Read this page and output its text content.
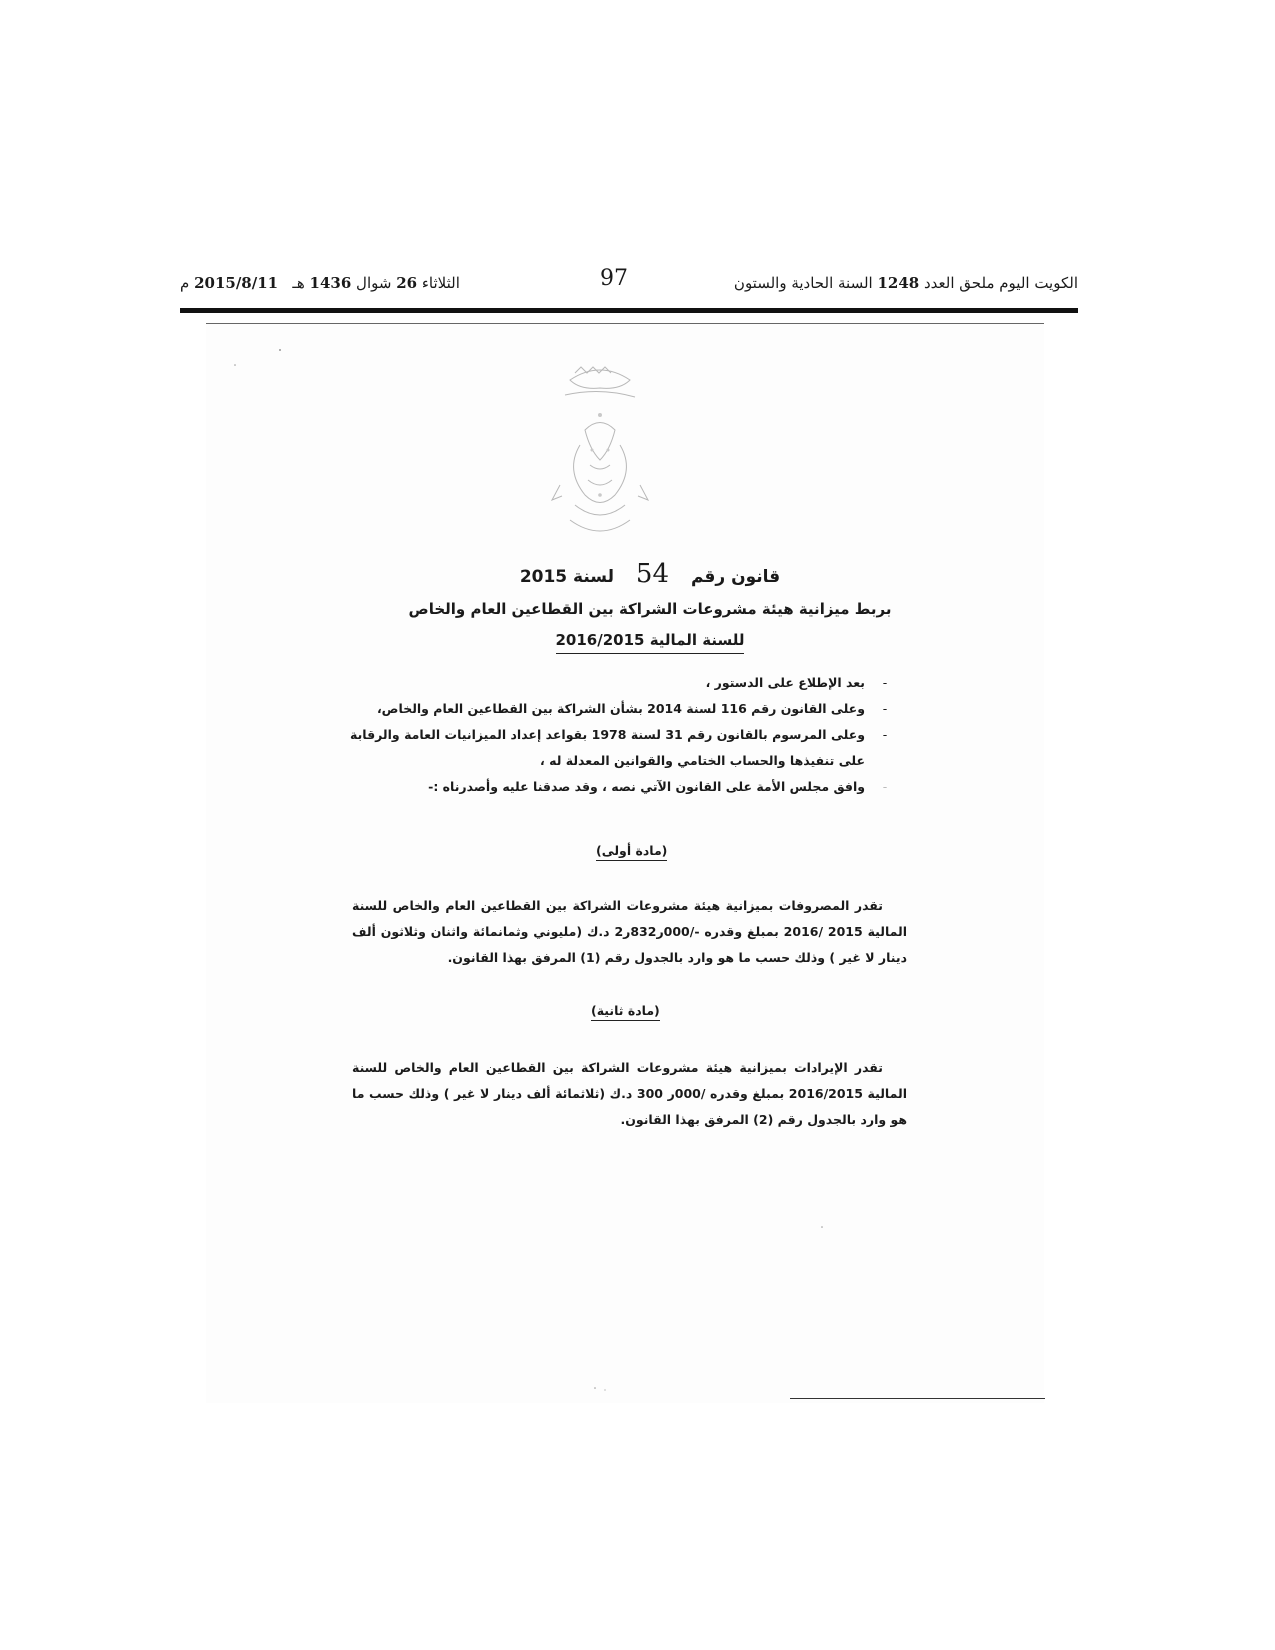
الكويت اليوم ملحق العدد 1248 السنة الحادية والستون
97
الثلاثاء 26 شوال 1436 هـ   2015/8/11 م

قانون رقم 54 لسنة 2015

بربط ميزانية هيئة مشروعات الشراكة بين القطاعين العام والخاص

للسنة المالية 2016/2015
-
بعد الإطلاع على الدستور ،
-
وعلى القانون رقم 116 لسنة 2014 بشأن الشراكة بين القطاعين العام والخاص،
-
وعلى المرسوم بالقانون رقم 31 لسنة 1978 بقواعد إعداد الميزانيات العامة والرقابة على تنفيذها والحساب الختامي والقوانين المعدلة له ،
-
وافق مجلس الأمة على القانون الآتي نصه ، وقد صدقنا عليه وأصدرناه :-
(مادة أولى)
تقدر المصروفات بميزانية هيئة مشروعات الشراكة بين القطاعين العام والخاص للسنة المالية 2015 /2016 بمبلغ وقدره -/000ر832ر2 د.ك (مليوني وثمانمائة واثنان وثلاثون ألف دينار لا غير ) وذلك حسب ما هو وارد بالجدول رقم (1) المرفق بهذا القانون.
(مادة ثانية)
تقدر الإيرادات بميزانية هيئة مشروعات الشراكة بين القطاعين العام والخاص للسنة المالية 2016/2015 بمبلغ وقدره /000ر 300 د.ك (ثلاثمائة ألف دينار لا غير ) وذلك حسب ما هو وارد بالجدول رقم (2) المرفق بهذا القانون.
